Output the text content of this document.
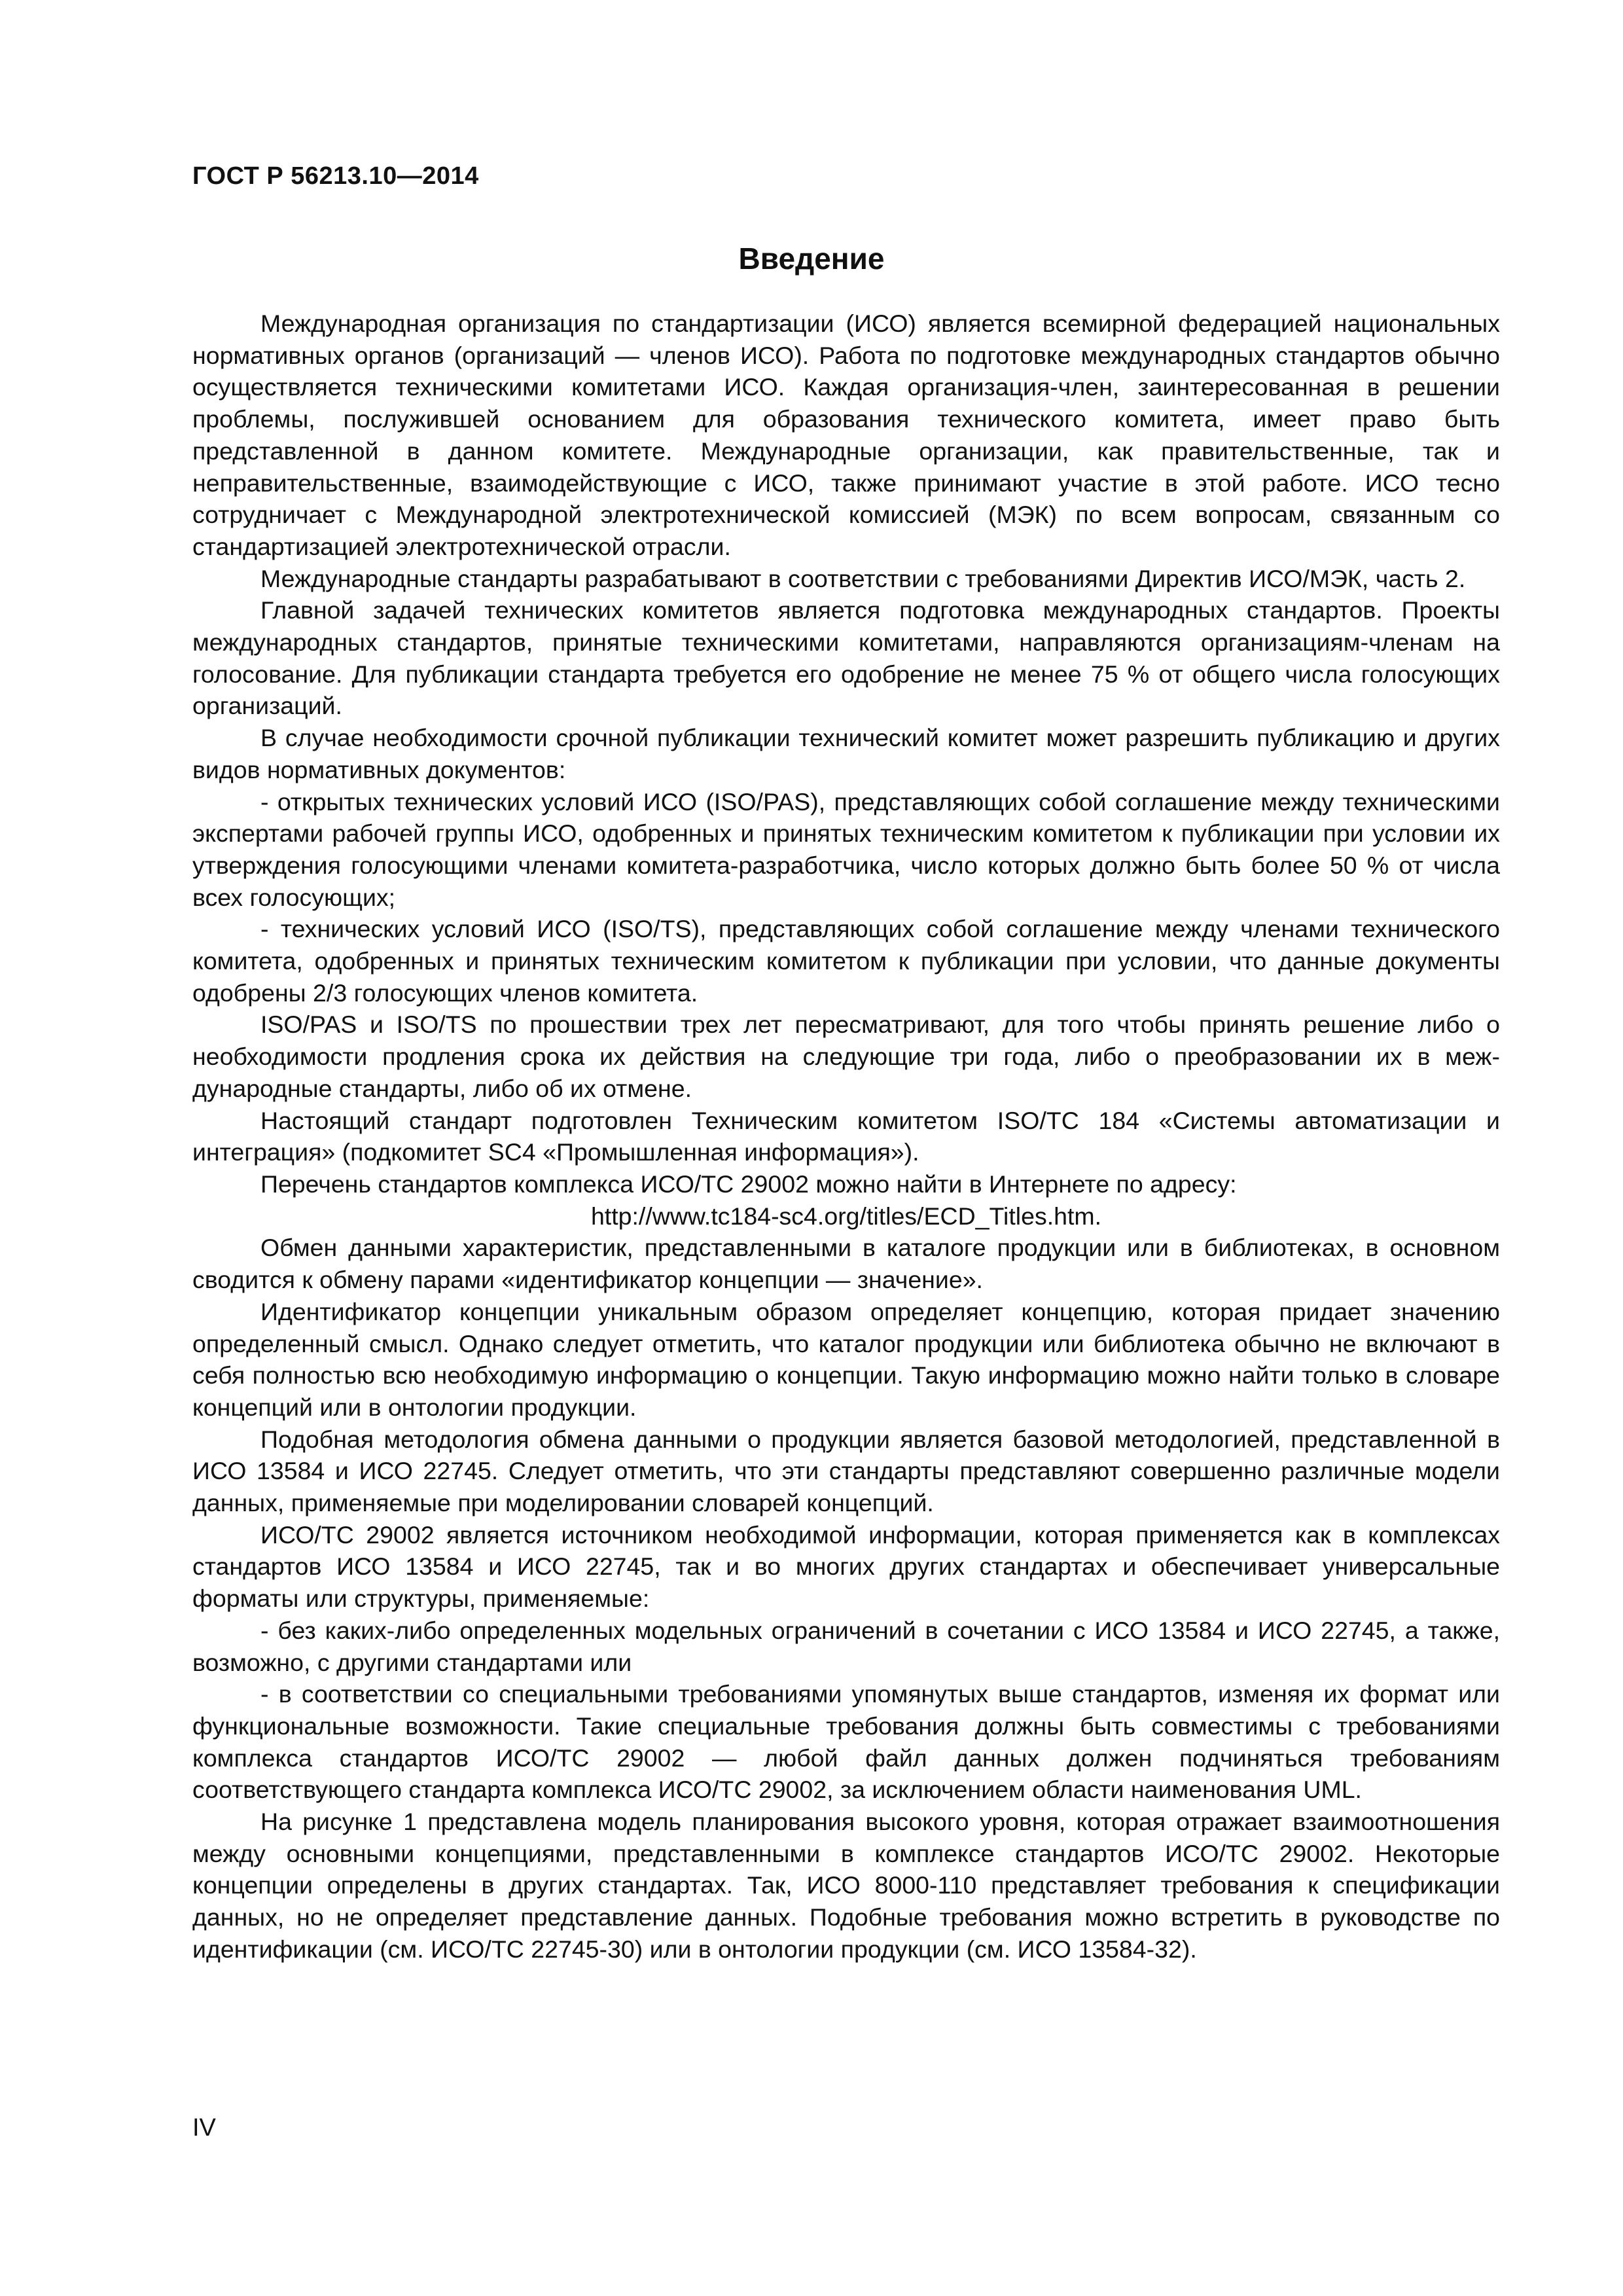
ГОСТ Р 56213.10—2014

Введение

Международная организация по стандартизации (ИСО) является всемирной федерацией национальных нормативных органов (организаций — членов ИСО). Работа по подготовке международных стандартов обычно осуществляется техническими комитетами ИСО. Каждая организация-член, заинтересованная в решении проблемы, послужившей основанием для образования технического комитета, имеет право быть представленной в данном комитете. Международные организации, как правительственные, так и неправительственные, взаимодействующие с ИСО, также принимают участие в этой работе. ИСО тесно сотрудничает с Международной электротехнической комиссией (МЭК) по всем вопросам, связанным со стандартизацией электротехнической отрасли.

Международные стандарты разрабатывают в соответствии с требованиями Директив ИСО/МЭК, часть 2.

Главной задачей технических комитетов является подготовка международных стандартов. Проекты международных стандартов, принятые техническими комитетами, направляются организациям-членам на голосование. Для публикации стандарта требуется его одобрение не менее 75 % от общего числа голосующих организаций.

В случае необходимости срочной публикации технический комитет может разрешить публикацию и других видов нормативных документов:

- открытых технических условий ИСО (ISO/PAS), представляющих собой соглашение между техническими экспертами рабочей группы ИСО, одобренных и принятых техническим комитетом к публикации при условии их утверждения голосующими членами комитета-разработчика, число которых должно быть более 50 % от числа всех голосующих;

- технических условий ИСО (ISO/TS), представляющих собой соглашение между членами технического комитета, одобренных и принятых техническим комитетом к публикации при условии, что данные документы одобрены 2/3 голосующих членов комитета.

ISO/PAS и ISO/TS по прошествии трех лет пересматривают, для того чтобы принять решение либо о необходимости продления срока их действия на следующие три года, либо о преобразовании их в международные стандарты, либо об их отмене.

Настоящий стандарт подготовлен Техническим комитетом ISO/TC 184 «Системы автоматизации и интеграция» (подкомитет SC4 «Промышленная информация»).

Перечень стандартов комплекса ИСО/ТС 29002 можно найти в Интернете по адресу:

http://www.tc184-sc4.org/titles/ECD_Titles.htm.

Обмен данными характеристик, представленными в каталоге продукции или в библиотеках, в основном сводится к обмену парами «идентификатор концепции — значение».

Идентификатор концепции уникальным образом определяет концепцию, которая придает значению определенный смысл. Однако следует отметить, что каталог продукции или библиотека обычно не включают в себя полностью всю необходимую информацию о концепции. Такую информацию можно найти только в словаре концепций или в онтологии продукции.

Подобная методология обмена данными о продукции является базовой методологией, представленной в ИСО 13584 и ИСО 22745. Следует отметить, что эти стандарты представляют совершенно различные модели данных, применяемые при моделировании словарей концепций.

ИСО/ТС 29002 является источником необходимой информации, которая применяется как в комплексах стандартов ИСО 13584 и ИСО 22745, так и во многих других стандартах и обеспечивает универсальные форматы или структуры, применяемые:

- без каких-либо определенных модельных ограничений в сочетании с ИСО 13584 и ИСО 22745, а также, возможно, с другими стандартами или

- в соответствии со специальными требованиями упомянутых выше стандартов, изменяя их формат или функциональные возможности. Такие специальные требования должны быть совместимы с требованиями комплекса стандартов ИСО/ТС 29002 — любой файл данных должен подчиняться требованиям соответствующего стандарта комплекса ИСО/ТС 29002, за исключением области наименования UML.

На рисунке 1 представлена модель планирования высокого уровня, которая отражает взаимоотношения между основными концепциями, представленными в комплексе стандартов ИСО/ТС 29002. Некоторые концепции определены в других стандартах. Так, ИСО 8000-110 представляет требования к спецификации данных, но не определяет представление данных. Подобные требования можно встретить в руководстве по идентификации (см. ИСО/ТС 22745-30) или в онтологии продукции (см. ИСО 13584-32).

IV
